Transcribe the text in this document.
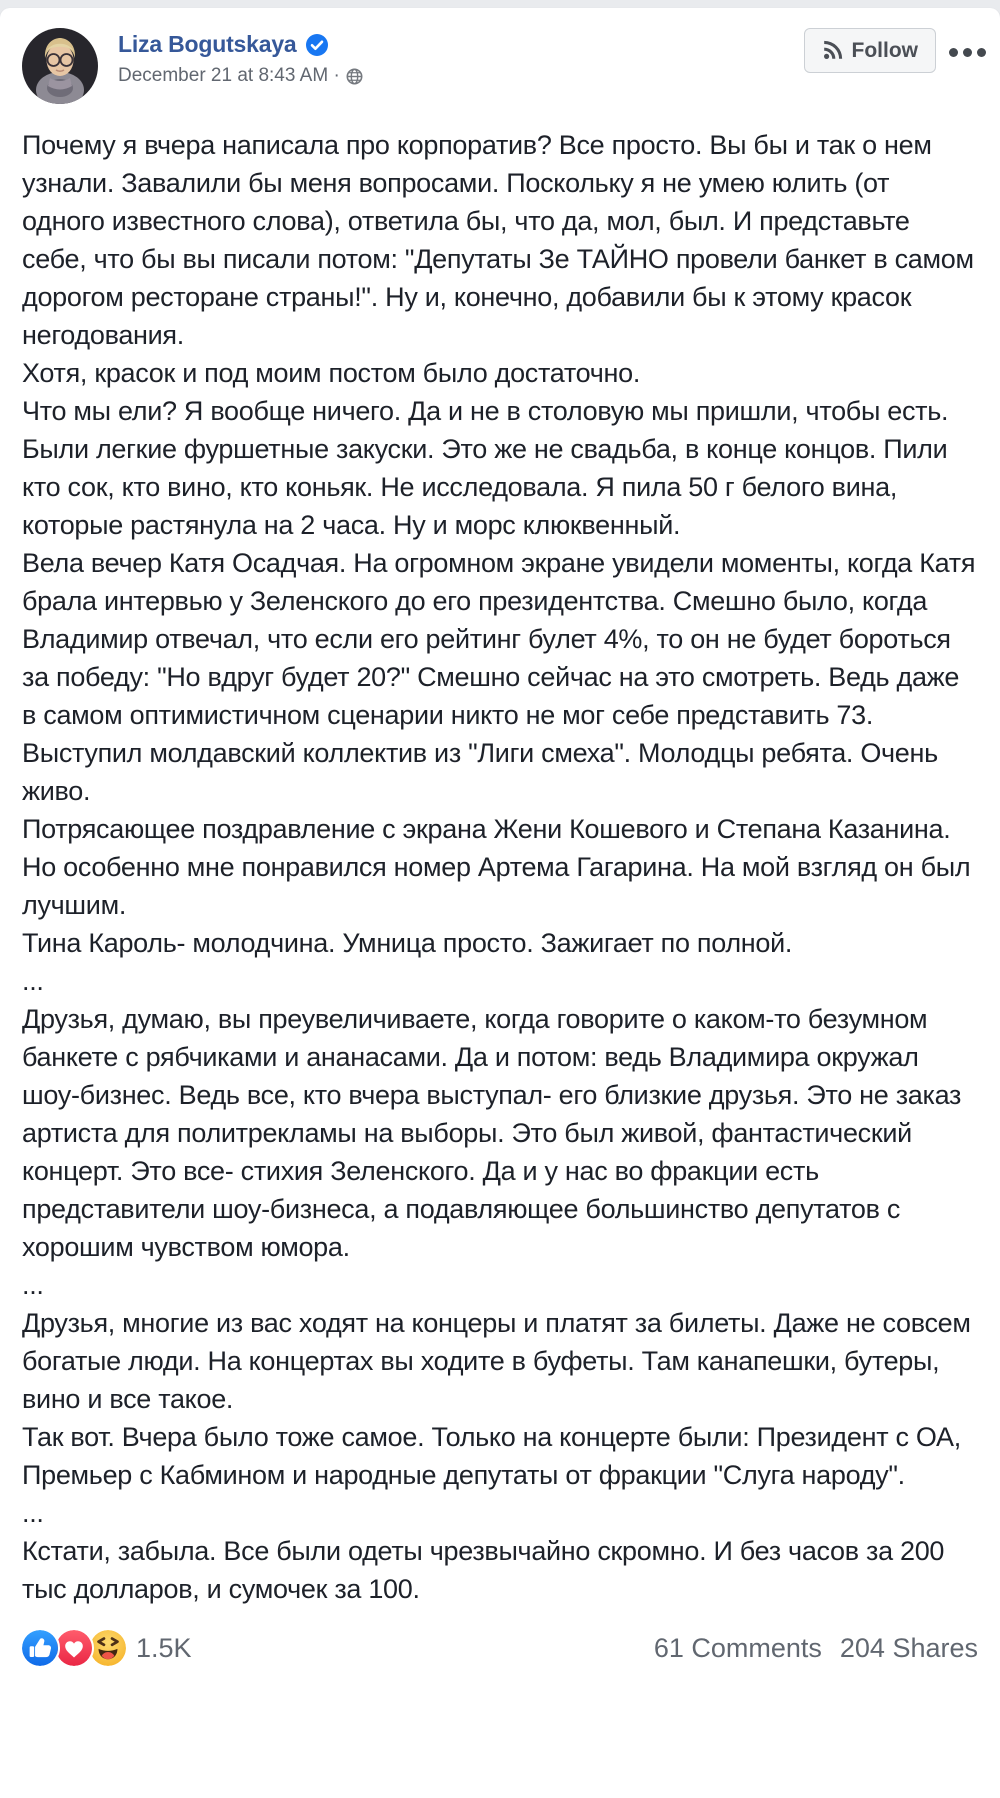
Liza Bogutskaya
December 21 at 8:43 AM ·
Follow

Почему я вчера написала про корпоратив? Все просто. Вы бы и так о нем узнали. Завалили бы меня вопросами. Поскольку я не умею юлить (от одного известного слова), ответила бы, что да, мол, был. И представьте себе, что бы вы писали потом: "Депутаты Зе ТАЙНО провели банкет в самом дорогом ресторане страны!". Ну и, конечно, добавили бы к этому красок негодования.

Хотя, красок и под моим постом было достаточно.

Что мы ели? Я вообще ничего. Да и не в столовую мы пришли, чтобы есть. Были легкие фуршетные закуски. Это же не свадьба, в конце концов. Пили кто сок, кто вино, кто коньяк. Не исследовала. Я пила 50 г белого вина, которые растянула на 2 часа. Ну и морс клюквенный.

Вела вечер Катя Осадчая. На огромном экране увидели моменты, когда Катя брала интервью у Зеленского до его президентства. Смешно было, когда Владимир отвечал, что если его рейтинг булет 4%, то он не будет бороться за победу: "Но вдруг будет 20?" Смешно сейчас на это смотреть. Ведь даже в самом оптимистичном сценарии никто не мог себе представить 73.

Выступил молдавский коллектив из "Лиги смеха". Молодцы ребята. Очень живо.

Потрясающее поздравление с экрана Жени Кошевого и Степана Казанина.

Но особенно мне понравился номер Артема Гагарина. На мой взгляд он был лучшим.

Тина Кароль- молодчина. Умница просто. Зажигает по полной.

...

Друзья, думаю, вы преувеличиваете, когда говорите о каком-то безумном банкете с рябчиками и ананасами. Да и потом: ведь Владимира окружал шоу-бизнес. Ведь все, кто вчера выступал- его близкие друзья. Это не заказ артиста для политрекламы на выборы. Это был живой, фантастический концерт. Это все- стихия Зеленского. Да и у нас во фракции есть представители шоу-бизнеса, а подавляющее большинство депутатов с хорошим чувством юмора.

...

Друзья, многие из вас ходят на концеры и платят за билеты. Даже не совсем богатые люди. На концертах вы ходите в буфеты. Там канапешки, бутеры, вино и все такое.

Так вот. Вчера было тоже самое. Только на концерте были: Президент с ОА, Премьер с Кабмином и народные депутаты от фракции "Слуга народу".

...

Кстати, забыла. Все были одеты чрезвычайно скромно. И без часов за 200 тыс долларов, и сумочек за 100.

1.5K	61 Comments 204 Shares
